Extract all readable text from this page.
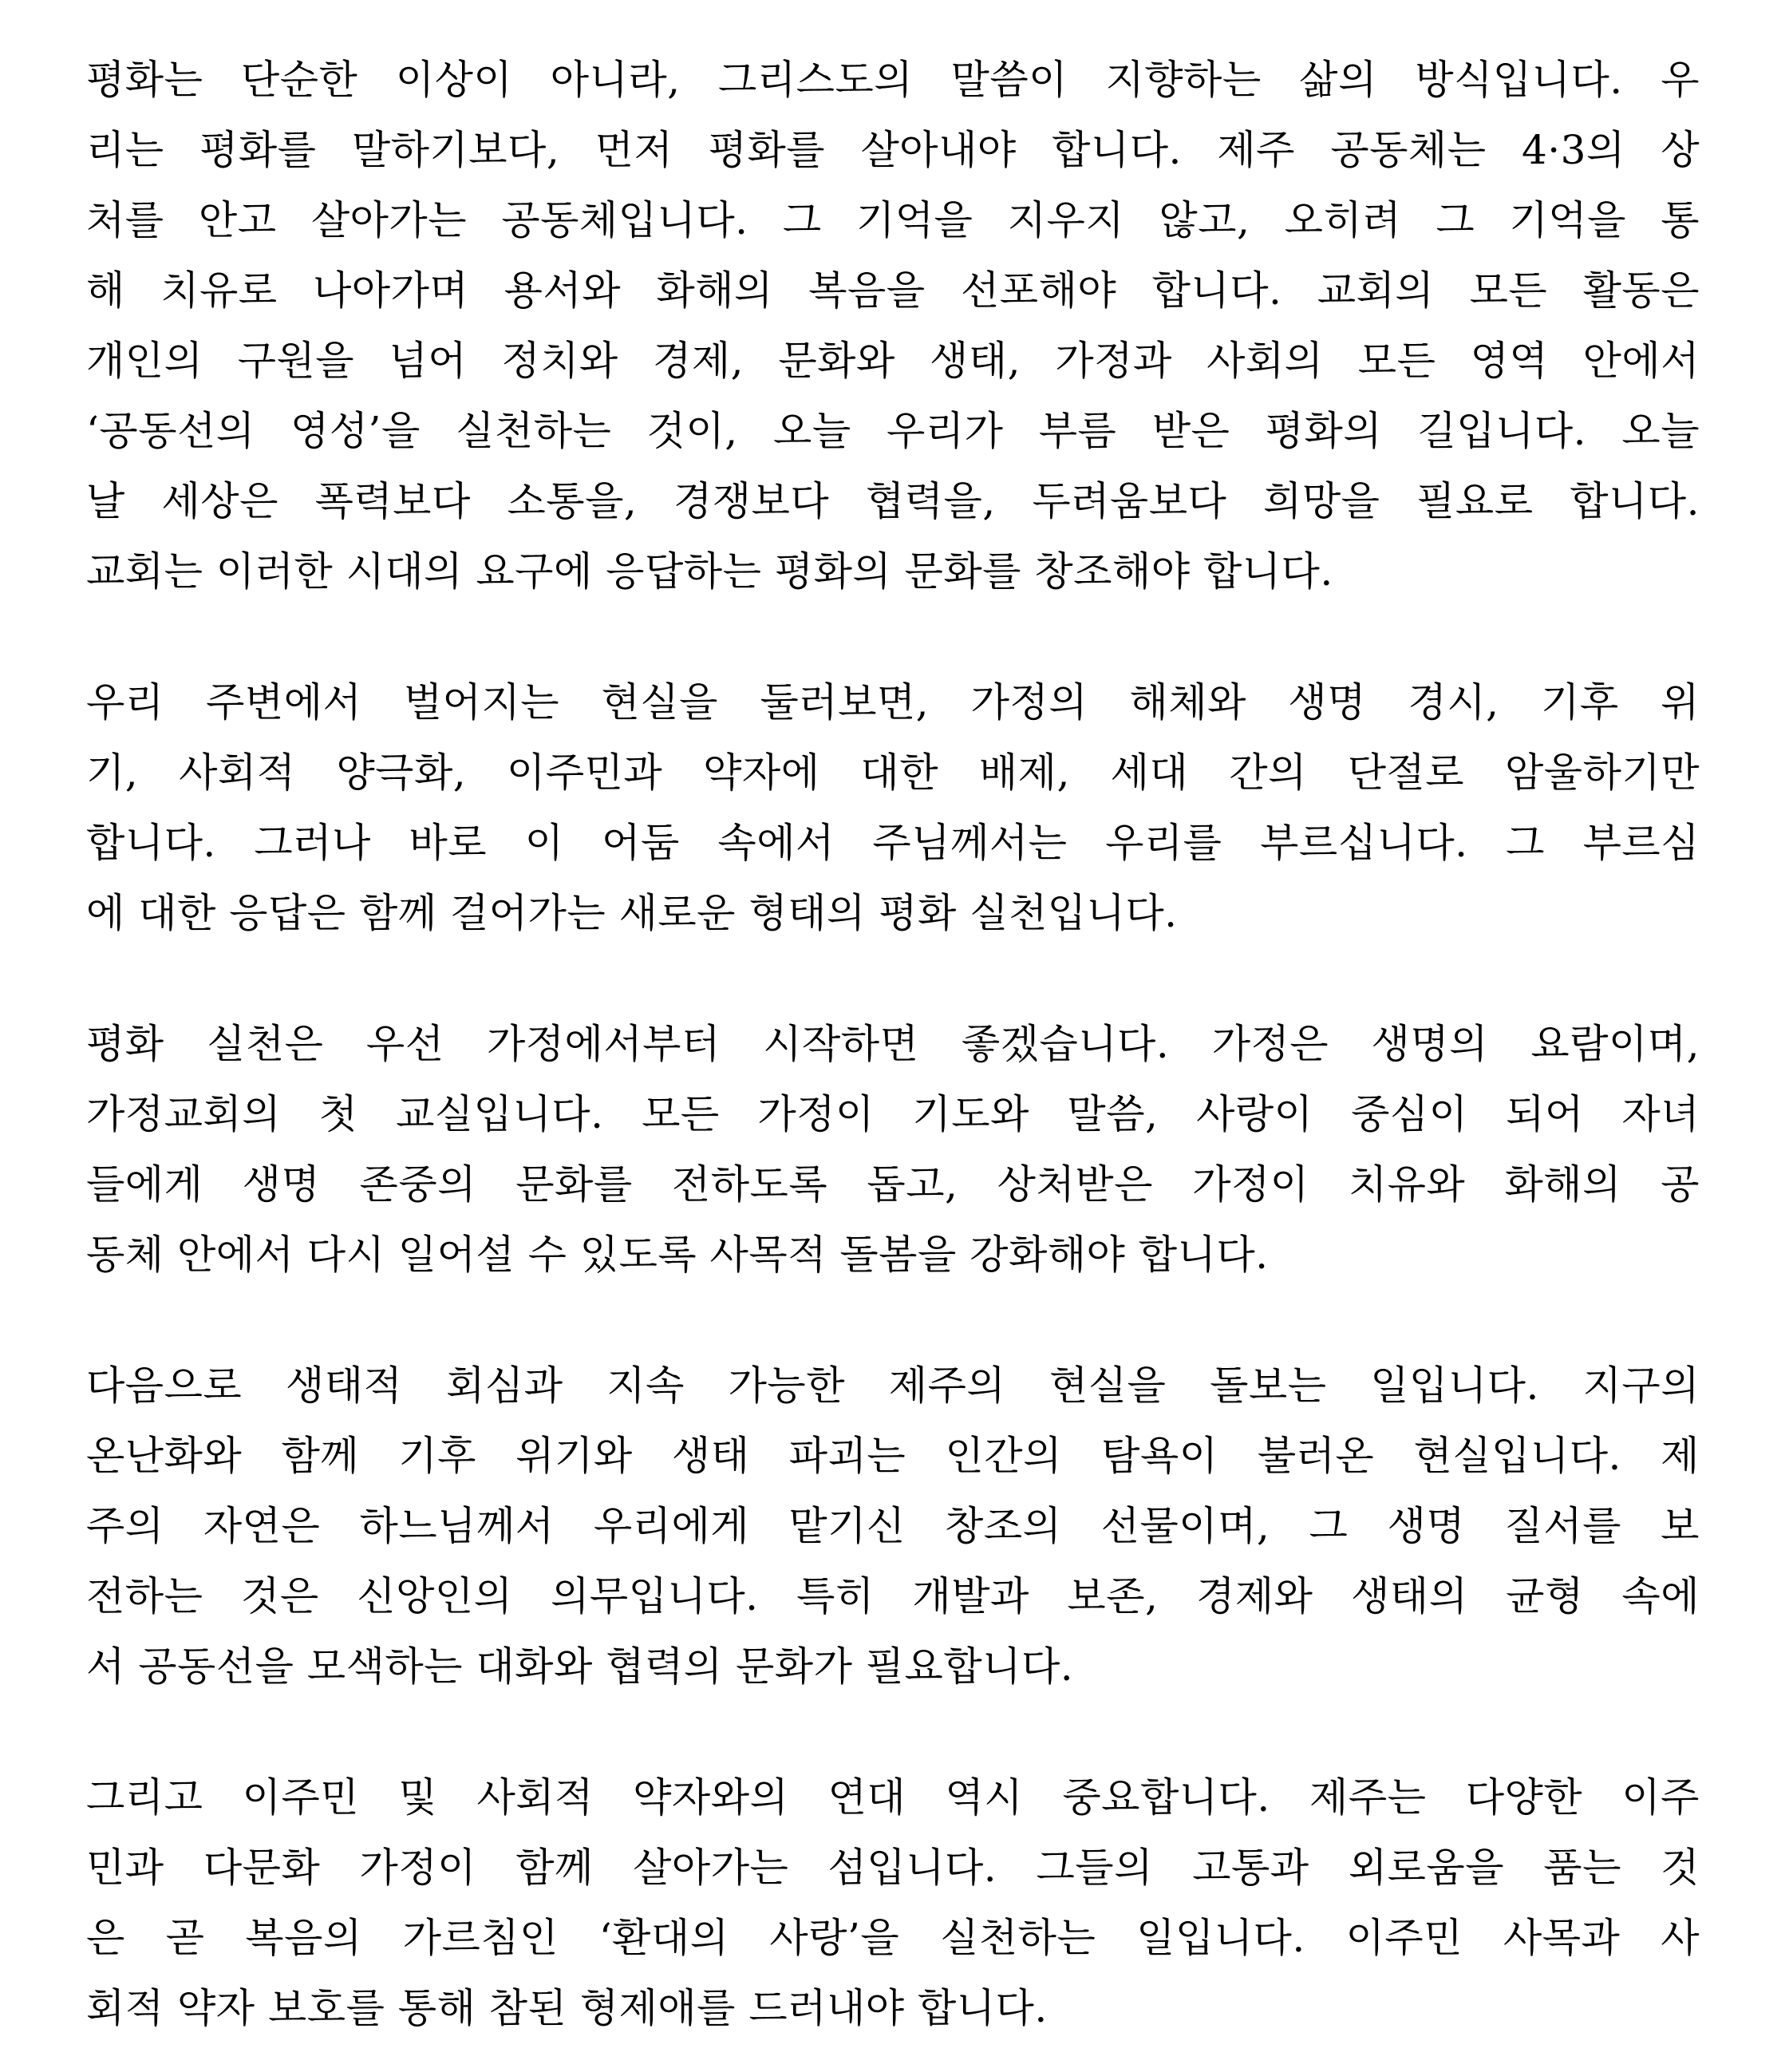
평화는 단순한 이상이 아니라, 그리스도의 말씀이 지향하는 삶의 방식입니다. 우
리는 평화를 말하기보다, 먼저 평화를 살아내야 합니다. 제주 공동체는 4·3의 상
처를 안고 살아가는 공동체입니다. 그 기억을 지우지 않고, 오히려 그 기억을 통
해 치유로 나아가며 용서와 화해의 복음을 선포해야 합니다. 교회의 모든 활동은
개인의 구원을 넘어 정치와 경제, 문화와 생태, 가정과 사회의 모든 영역 안에서
‘공동선의 영성’을 실천하는 것이, 오늘 우리가 부름 받은 평화의 길입니다. 오늘
날 세상은 폭력보다 소통을, 경쟁보다 협력을, 두려움보다 희망을 필요로 합니다.
교회는 이러한 시대의 요구에 응답하는 평화의 문화를 창조해야 합니다.
우리 주변에서 벌어지는 현실을 둘러보면, 가정의 해체와 생명 경시, 기후 위
기, 사회적 양극화, 이주민과 약자에 대한 배제, 세대 간의 단절로 암울하기만
합니다. 그러나 바로 이 어둠 속에서 주님께서는 우리를 부르십니다. 그 부르심
에 대한 응답은 함께 걸어가는 새로운 형태의 평화 실천입니다.
평화 실천은 우선 가정에서부터 시작하면 좋겠습니다. 가정은 생명의 요람이며,
가정교회의 첫 교실입니다. 모든 가정이 기도와 말씀, 사랑이 중심이 되어 자녀
들에게 생명 존중의 문화를 전하도록 돕고, 상처받은 가정이 치유와 화해의 공
동체 안에서 다시 일어설 수 있도록 사목적 돌봄을 강화해야 합니다.
다음으로 생태적 회심과 지속 가능한 제주의 현실을 돌보는 일입니다. 지구의
온난화와 함께 기후 위기와 생태 파괴는 인간의 탐욕이 불러온 현실입니다. 제
주의 자연은 하느님께서 우리에게 맡기신 창조의 선물이며, 그 생명 질서를 보
전하는 것은 신앙인의 의무입니다. 특히 개발과 보존, 경제와 생태의 균형 속에
서 공동선을 모색하는 대화와 협력의 문화가 필요합니다.
그리고 이주민 및 사회적 약자와의 연대 역시 중요합니다. 제주는 다양한 이주
민과 다문화 가정이 함께 살아가는 섬입니다. 그들의 고통과 외로움을 품는 것
은 곧 복음의 가르침인 ‘환대의 사랑’을 실천하는 일입니다. 이주민 사목과 사
회적 약자 보호를 통해 참된 형제애를 드러내야 합니다.
